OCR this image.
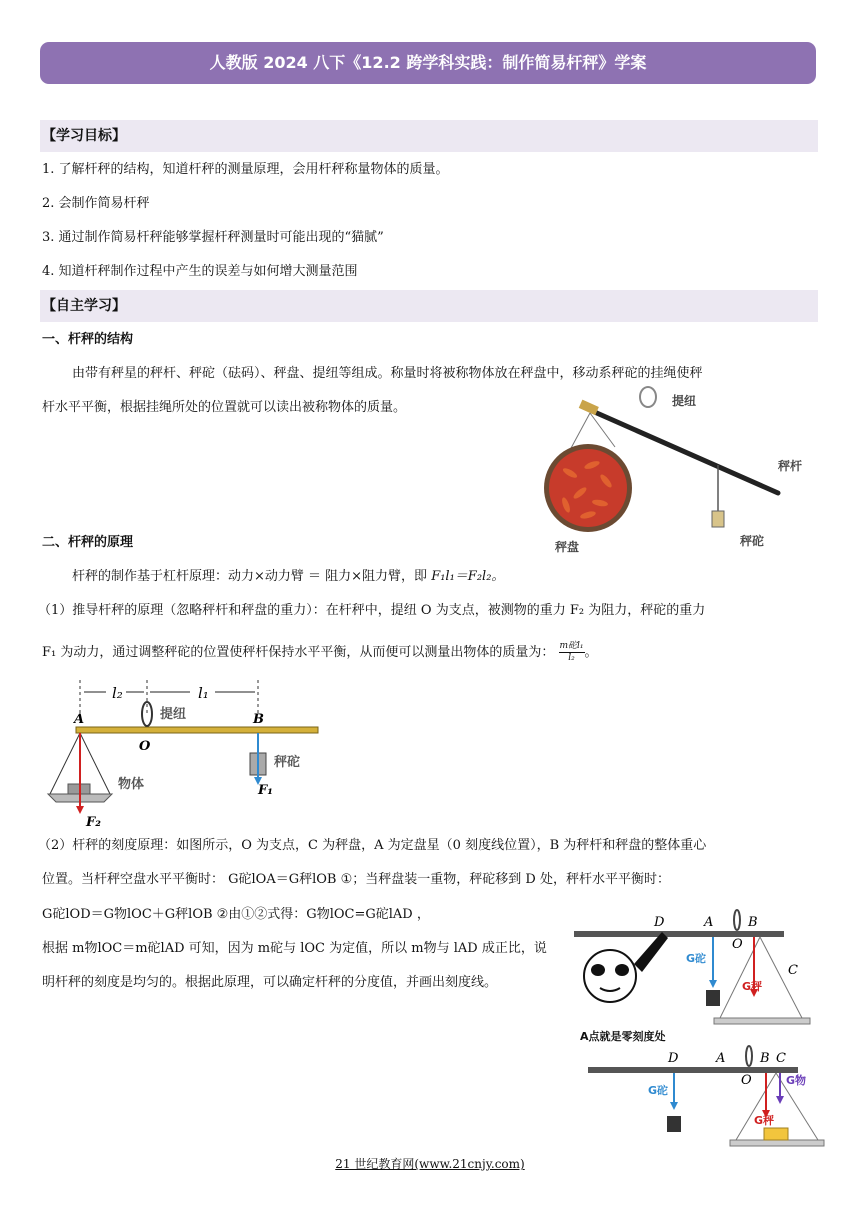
人教版 2024 八下《12.2 跨学科实践：制作简易杆秤》学案
【学习目标】
1. 了解杆秤的结构，知道杆秤的测量原理，会用杆秤称量物体的质量。
2. 会制作简易杆秤
3. 通过制作简易杆秤能够掌握杆秤测量时可能出现的“猫腻”
4. 知道杆秤制作过程中产生的误差与如何增大测量范围
【自主学习】
一、杆秤的结构
由带有秤星的秤杆、秤砣（砝码）、秤盘、提纽等组成。称量时将被称物体放在秤盘中，移动系秤砣的挂绳使秤
杆水平平衡，根据挂绳所处的位置就可以读出被称物体的质量。	提纽
秤杆
秤砣
秤盘
二、杆秤的原理
杆秤的制作基于杠杆原理：动力×动力臂 ＝ 阻力×阻力臂，即 F₁l₁＝F₂l₂。
（1）推导杆秤的原理（忽略秤杆和秤盘的重力）：在杆秤中，提纽 O 为支点，被测物的重力 F₂ 为阻力，秤砣的重力
F₁ 为动力，通过调整秤砣的位置使秤杆保持水平平衡，从而便可以测量出物体的质量为： m砣l₁
l₂ 。
l₂	l₁
提纽
A	B
O
物体
F₂
秤砣
F₁
（2）杆秤的刻度原理：如图所示，O 为支点，C 为秤盘，A 为定盘星（0 刻度线位置），B 为秤杆和秤盘的整体重心
位置。当杆秤空盘水平平衡时： G砣lOA＝G秤lOB ①；当秤盘装一重物，秤砣移到 D 处，秤杆水平平衡时：
G砣lOD＝G物lOC＋G秤lOB ②由①②式得：G物lOC=G砣lAD ，
根据 m物lOC＝m砣lAD 可知，因为 m砣与 lOC 为定值，所以 m物与 lAD 成正比，说
明杆秤的刻度是均匀的。根据此原理，可以确定杆秤的分度值，并画出刻度线。
D	A
O
B
C
G砣
G秤
A点就是零刻度处
D	A
O
B C
G砣
G秤
G物
21 世纪教育网(www.21cnjy.com)
